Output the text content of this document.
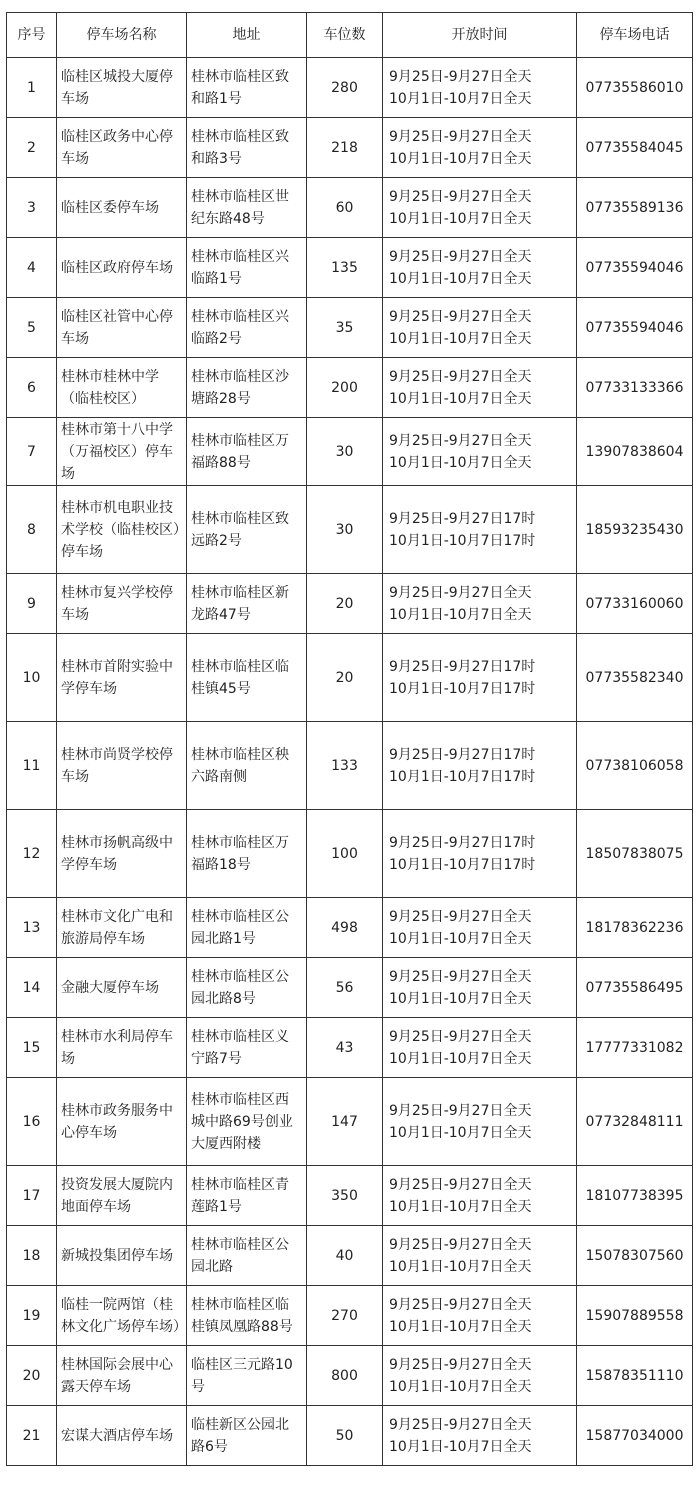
序号	停车场名称	地址	车位数	开放时间	停车场电话
1	临桂区城投大厦停车场	桂林市临桂区致和路1号	280	9月25日-9月27日全天
10月1日-10月7日全天	07735586010
2	临桂区政务中心停车场	桂林市临桂区致和路3号	218	9月25日-9月27日全天
10月1日-10月7日全天	07735584045
3	临桂区委停车场	桂林市临桂区世纪东路48号	60	9月25日-9月27日全天
10月1日-10月7日全天	07735589136
4	临桂区政府停车场	桂林市临桂区兴临路1号	135	9月25日-9月27日全天
10月1日-10月7日全天	07735594046
5	临桂区社管中心停车场	桂林市临桂区兴临路2号	35	9月25日-9月27日全天
10月1日-10月7日全天	07735594046
6	桂林市桂林中学（临桂校区）	桂林市临桂区沙塘路28号	200	9月25日-9月27日全天
10月1日-10月7日全天	07733133366
7	桂林市第十八中学（万福校区）停车场	桂林市临桂区万福路88号	30	9月25日-9月27日全天
10月1日-10月7日全天	13907838604
8	桂林市机电职业技术学校（临桂校区）停车场	桂林市临桂区致远路2号	30	9月25日-9月27日17时
10月1日-10月7日17时	18593235430
9	桂林市复兴学校停车场	桂林市临桂区新龙路47号	20	9月25日-9月27日全天
10月1日-10月7日全天	07733160060
10	桂林市首附实验中学停车场	桂林市临桂区临桂镇45号	20	9月25日-9月27日17时
10月1日-10月7日17时	07735582340
11	桂林市尚贤学校停车场	桂林市临桂区秧六路南侧	133	9月25日-9月27日17时
10月1日-10月7日17时	07738106058
12	桂林市扬帆高级中学停车场	桂林市临桂区万福路18号	100	9月25日-9月27日17时
10月1日-10月7日17时	18507838075
13	桂林市文化广电和旅游局停车场	桂林市临桂区公园北路1号	498	9月25日-9月27日全天
10月1日-10月7日全天	18178362236
14	金融大厦停车场	桂林市临桂区公园北路8号	56	9月25日-9月27日全天
10月1日-10月7日全天	07735586495
15	桂林市水利局停车场	桂林市临桂区义宁路7号	43	9月25日-9月27日全天
10月1日-10月7日全天	17777331082
16	桂林市政务服务中心停车场	桂林市临桂区西城中路69号创业大厦西附楼	147	9月25日-9月27日全天
10月1日-10月7日全天	07732848111
17	投资发展大厦院内地面停车场	桂林市临桂区青莲路1号	350	9月25日-9月27日全天
10月1日-10月7日全天	18107738395
18	新城投集团停车场	桂林市临桂区公园北路	40	9月25日-9月27日全天
10月1日-10月7日全天	15078307560
19	临桂一院两馆（桂林文化广场停车场）	桂林市临桂区临桂镇凤凰路88号	270	9月25日-9月27日全天
10月1日-10月7日全天	15907889558
20	桂林国际会展中心露天停车场	临桂区三元路10号	800	9月25日-9月27日全天
10月1日-10月7日全天	15878351110
21	宏谋大酒店停车场	临桂新区公园北路6号	50	9月25日-9月27日全天
10月1日-10月7日全天	15877034000
